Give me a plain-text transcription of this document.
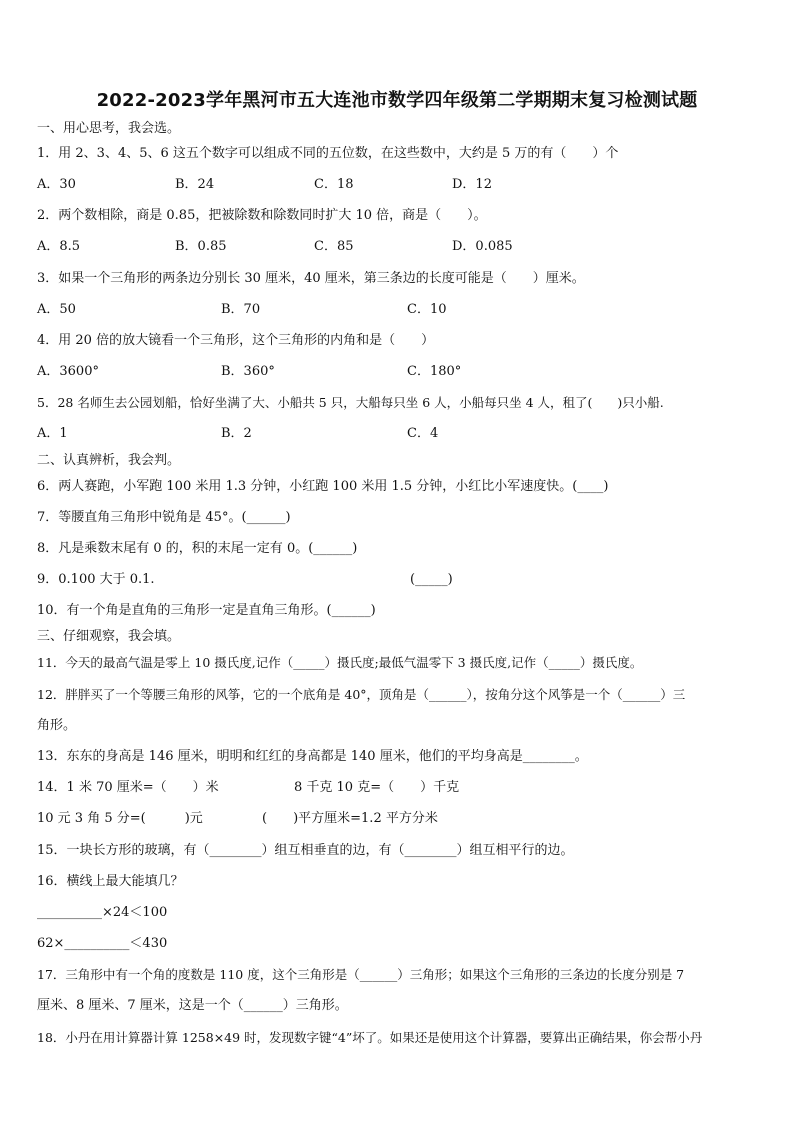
2022-2023学年黑河市五大连池市数学四年级第二学期期末复习检测试题
一、用心思考，我会选。
1．用 2、3、4、5、6 这五个数字可以组成不同的五位数，在这些数中，大约是 5 万的有（　　）个
A．30	B．24	C．18	D．12
2．两个数相除，商是 0.85，把被除数和除数同时扩大 10 倍，商是（　　）。
A．8.5	B．0.85	C．85	D．0.085
3．如果一个三角形的两条边分别长 30 厘米，40 厘米，第三条边的长度可能是（　　）厘米。
A．50	B．70	C．10
4．用 20 倍的放大镜看一个三角形，这个三角形的内角和是（　　）
A．3600°	B．360°	C．180°
5．28 名师生去公园划船，恰好坐满了大、小船共 5 只，大船每只坐 6 人，小船每只坐 4 人，租了(　　)只小船.
A．1	B．2	C．4
二、认真辨析，我会判。
6．两人赛跑，小军跑 100 米用 1.3 分钟，小红跑 100 米用 1.5 分钟，小红比小军速度快。(____)
7．等腰直角三角形中锐角是 45°。(______)
8．凡是乘数末尾有 0 的，积的末尾一定有 0。(______)
9．0.100 大于 0.1.	(_____)
10．有一个角是直角的三角形一定是直角三角形。(______)
三、仔细观察，我会填。
11．今天的最高气温是零上 10 摄氏度,记作（_____）摄氏度;最低气温零下 3 摄氏度,记作（_____）摄氏度。
12．胖胖买了一个等腰三角形的风筝，它的一个底角是 40°，顶角是（______），按角分这个风筝是一个（______）三
角形。
13．东东的身高是 146 厘米，明明和红红的身高都是 140 厘米，他们的平均身高是________。
14．1 米 70 厘米=（　　）米	8 千克 10 克=（　　）千克
10 元 3 角 5 分=(　　　)元	(　　)平方厘米=1.2 平方分米
15．一块长方形的玻璃，有（________）组互相垂直的边，有（________）组互相平行的边。
16．横线上最大能填几？
__________×24＜100
62×__________＜430
17．三角形中有一个角的度数是 110 度，这个三角形是（______）三角形；如果这个三角形的三条边的长度分别是 7
厘米、8 厘米、7 厘米，这是一个（______）三角形。
18．小丹在用计算器计算 1258×49 时，发现数字键“4”坏了。如果还是使用这个计算器，要算出正确结果，你会帮小丹
